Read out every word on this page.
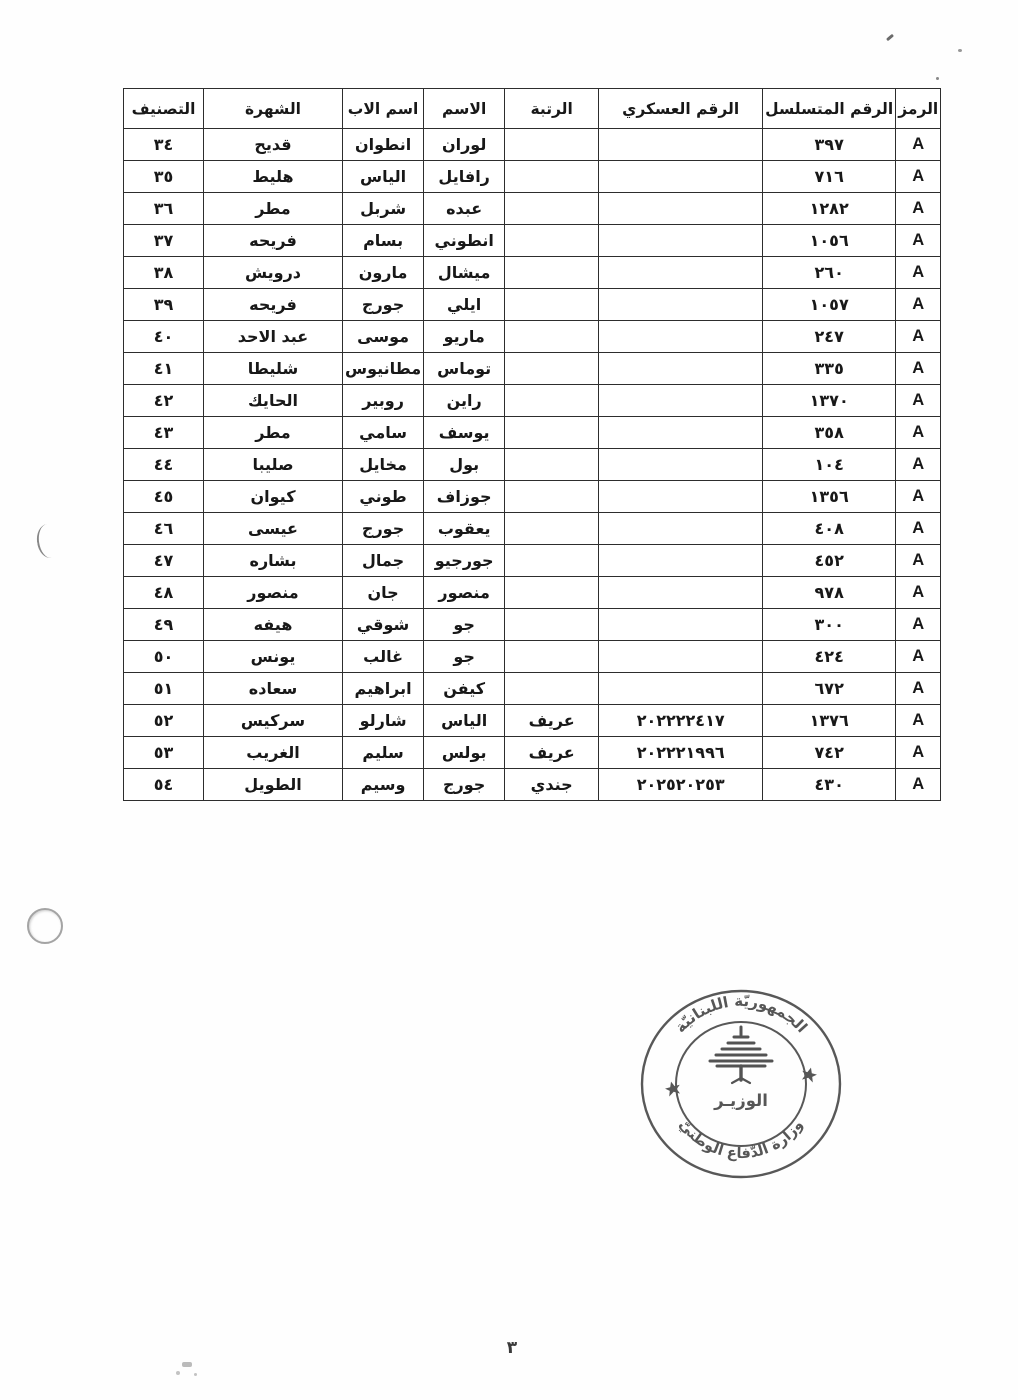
الرمز	الرقم المتسلسل	الرقم العسكري	الرتبة	الاسم	اسم الاب	الشهرة	التصنيف
A	٣٩٧			لوران	انطوان	قديح	٣٤
A	٧١٦			رافايل	الياس	هليط	٣٥
A	١٢٨٢			عبده	شربل	مطر	٣٦
A	١٠٥٦			انطوني	بسام	فريحه	٣٧
A	٢٦٠			ميشال	مارون	درويش	٣٨
A	١٠٥٧			ايلي	جورج	فريحه	٣٩
A	٢٤٧			ماريو	موسى	عبد الاحد	٤٠
A	٣٣٥			توماس	مطانيوس	شليطا	٤١
A	١٣٧٠			راين	روبير	الحايك	٤٢
A	٣٥٨			يوسف	سامي	مطر	٤٣
A	١٠٤			بول	مخايل	صليبا	٤٤
A	١٣٥٦			جوزاف	طوني	كيوان	٤٥
A	٤٠٨			يعقوب	جورج	عيسى	٤٦
A	٤٥٢			جورجيو	جمال	بشاره	٤٧
A	٩٧٨			منصور	جان	منصور	٤٨
A	٣٠٠			جو	شوقي	هيفه	٤٩
A	٤٢٤			جو	غالب	يونس	٥٠
A	٦٧٢			كيفن	ابراهيم	سعاده	٥١
A	١٣٧٦	٢٠٢٢٢٢٤١٧	عريف	الياس	شارلو	سركيس	٥٢
A	٧٤٢	٢٠٢٢٢١٩٩٦	عريف	بولس	سليم	الغريب	٥٣
A	٤٣٠	٢٠٢٥٢٠٢٥٣	جندي	جورج	وسيم	الطويل	٥٤
الجمهوريّة اللبنانيّة
وزارة الدّفاع الوطنيّ
الوزيـر
٣
